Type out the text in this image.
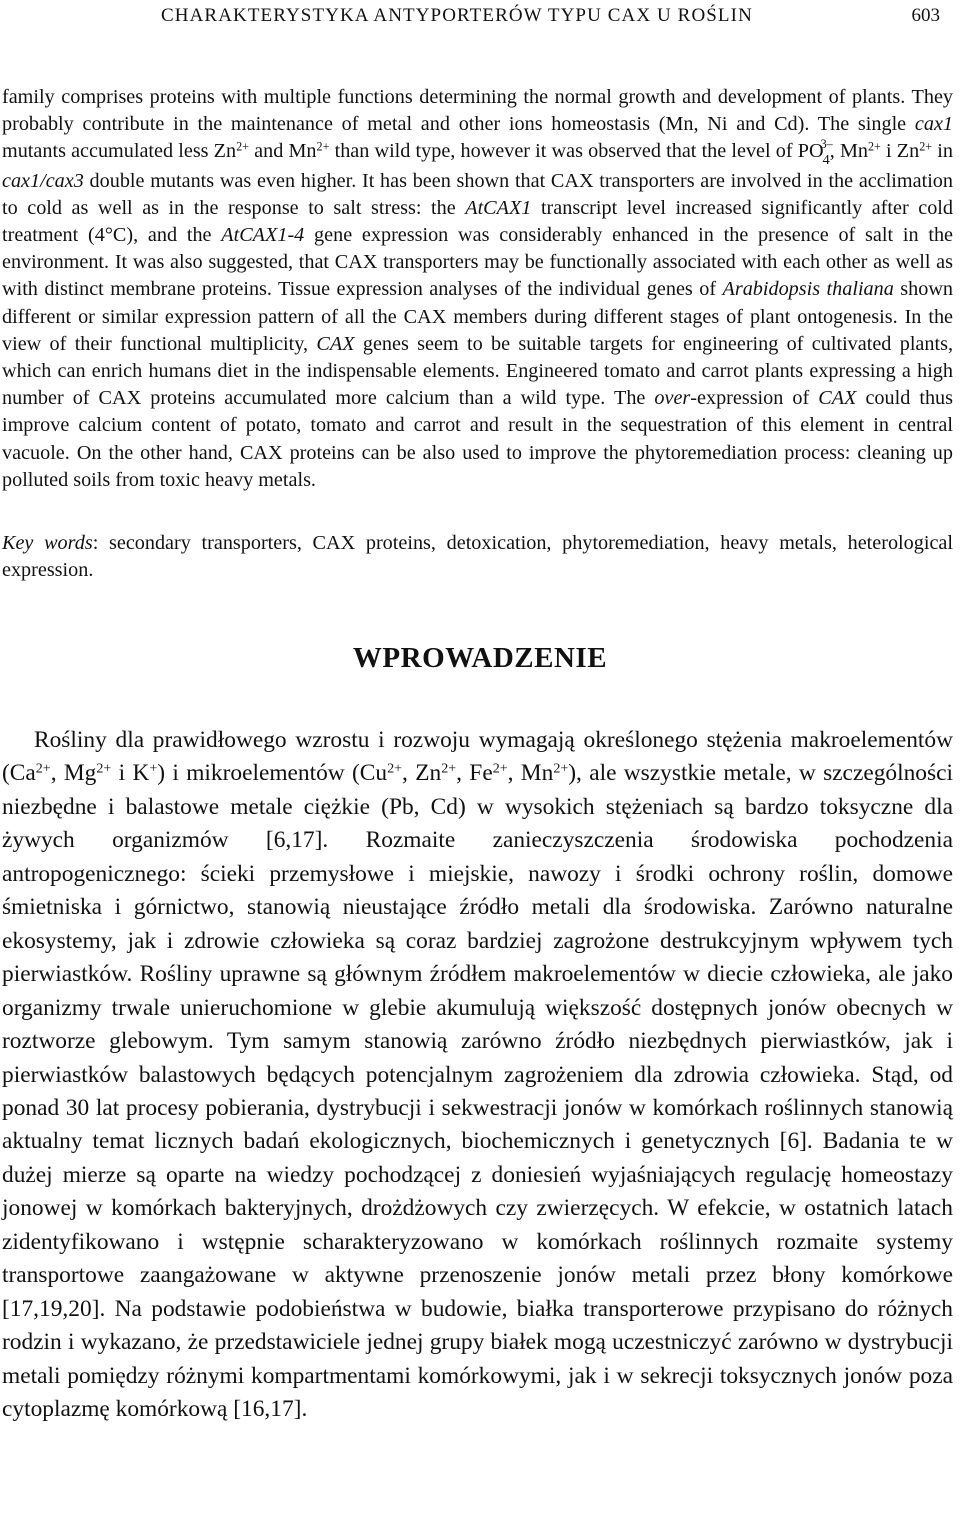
CHARAKTERYSTYKA ANTYPORTERÓW TYPU CAX U ROŚLIN	603

family comprises proteins with multiple functions determining the normal growth and development of plants. They probably contribute in the maintenance of metal and other ions homeostasis (Mn, Ni and Cd). The single cax1 mutants accumulated less $Zn^{2+}$ and $Mn^{2+}$ than wild type, however it was observed that the level of $PO^{3-}_4$, $Mn^{2+}$ i $Zn^{2+}$ in cax1/cax3 double mutants was even higher. It has been shown that CAX transporters are involved in the acclimation to cold as well as in the response to salt stress: the AtCAX1 transcript level increased significantly after cold treatment (4°C), and the AtCAX1-4 gene expression was considerably enhanced in the presence of salt in the environment. It was also suggested, that CAX transporters may be functionally associated with each other as well as with distinct membrane proteins. Tissue expression analyses of the individual genes of Arabidopsis thaliana shown different or similar expression pattern of all the CAX members during different stages of plant ontogenesis. In the view of their functional multiplicity, CAX genes seem to be suitable targets for engineering of cultivated plants, which can enrich humans diet in the indispensable elements. Engineered tomato and carrot plants expressing a high number of CAX proteins accumulated more calcium than a wild type. The over-expression of CAX could thus improve calcium content of potato, tomato and carrot and result in the sequestration of this element in central vacuole. On the other hand, CAX proteins can be also used to improve the phytoremediation process: cleaning up polluted soils from toxic heavy metals.

Key words: secondary transporters, CAX proteins, detoxication, phytoremediation, heavy metals, heterological expression.

WPROWADZENIE

Rośliny dla prawidłowego wzrostu i rozwoju wymagają określonego stężenia makroelementów ($Ca^{2+}$, $Mg^{2+}$ i K+) i mikroelementów ($Cu^{2+}$, $Zn^{2+}$, $Fe^{2+}$, $Mn^{2+}$), ale wszystkie metale, w szczególności niezbędne i balastowe metale ciężkie (Pb, Cd) w wysokich stężeniach są bardzo toksyczne dla żywych organizmów [6,17]. Rozmaite zanieczyszczenia środowiska pochodzenia antropogenicznego: ścieki przemysłowe i miejskie, nawozy i środki ochrony roślin, domowe śmietniska i górnictwo, stanowią nieustające źródło metali dla środowiska. Zarówno naturalne ekosystemy, jak i zdrowie człowieka są coraz bardziej zagrożone destrukcyjnym wpływem tych pierwiastków. Rośliny uprawne są głównym źródłem makroelementów w diecie człowieka, ale jako organizmy trwale unieruchomione w glebie akumulują większość dostępnych jonów obecnych w roztworze glebowym. Tym samym stanowią zarówno źródło niezbędnych pierwiastków, jak i pierwiastków balastowych będących potencjalnym zagrożeniem dla zdrowia człowieka. Stąd, od ponad 30 lat procesy pobierania, dystrybucji i sekwestracji jonów w komórkach roślinnych stanowią aktualny temat licznych badań ekologicznych, biochemicznych i genetycznych [6]. Badania te w dużej mierze są oparte na wiedzy pochodzącej z doniesień wyjaśniających regulację homeostazy jonowej w komórkach bakteryjnych, drożdżowych czy zwierzęcych. W efekcie, w ostatnich latach zidentyfikowano i wstępnie scharakteryzowano w komórkach roślinnych rozmaite systemy transportowe zaangażowane w aktywne przenoszenie jonów metali przez błony komórkowe [17,19,20]. Na podstawie podobieństwa w budowie, białka transporterowe przypisano do różnych rodzin i wykazano, że przedstawiciele jednej grupy białek mogą uczestniczyć zarówno w dystrybucji metali pomiędzy różnymi kompartmentami komórkowymi, jak i w sekrecji toksycznych jonów poza cytoplazmę komórkową [16,17].
